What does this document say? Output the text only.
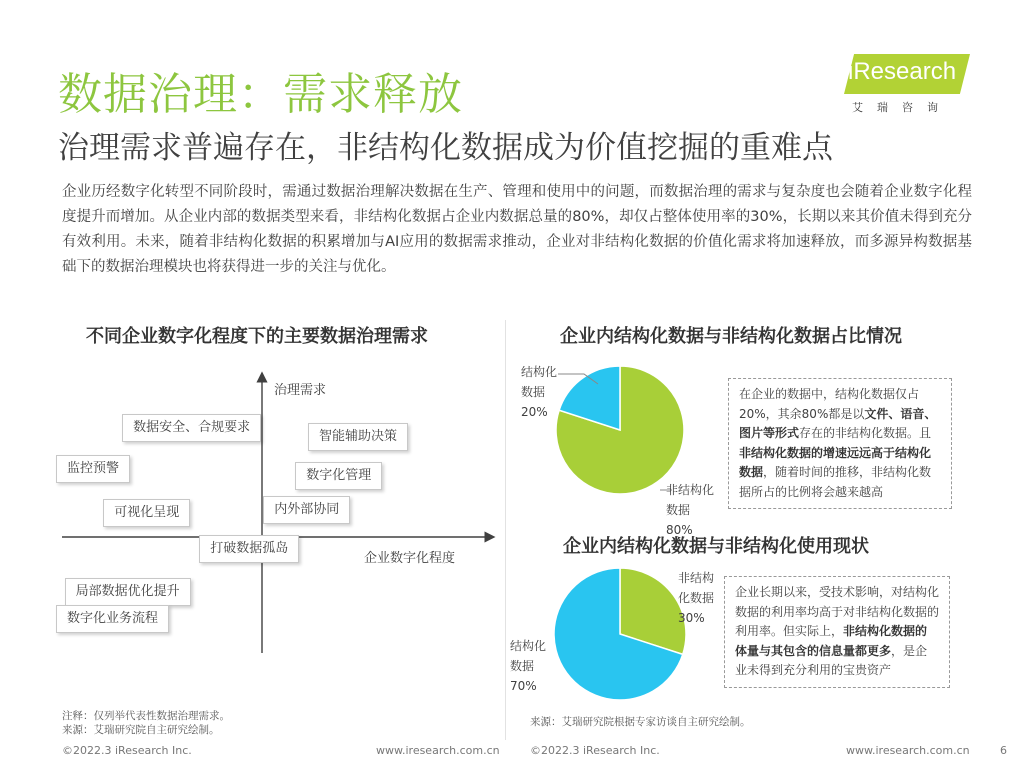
数据治理：需求释放
治理需求普遍存在，非结构化数据成为价值挖掘的重难点
iResearch
艾瑞咨询
企业历经数字化转型不同阶段时，需通过数据治理解决数据在生产、管理和使用中的问题，而数据治理的需求与复杂度也会随着企业数字化程度提升而增加。从企业内部的数据类型来看，非结构化数据占企业内数据总量的80%，却仅占整体使用率的30%，长期以来其价值未得到充分有效利用。未来，随着非结构化数据的积累增加与AI应用的数据需求推动，企业对非结构化数据的价值化需求将加速释放，而多源异构数据基础下的数据治理模块也将获得进一步的关注与优化。
不同企业数字化程度下的主要数据治理需求
治理需求
企业数字化程度
数据安全、合规要求
智能辅助决策
监控预警
数字化管理
内外部协同
可视化呈现
打破数据孤岛
局部数据优化提升
数字化业务流程
注释：仅列举代表性数据治理需求。
来源：艾瑞研究院自主研究绘制。
©2022.3 iResearch Inc.	www.iresearch.com.cn
企业内结构化数据与非结构化数据占比情况
企业内结构化数据与非结构化使用现状
结构化数据
20%
非结构化数据
80%
非结构化数据
30%
结构化数据
70%
在企业的数据中，结构化数据仅占20%，其余80%都是以文件、语音、图片等形式存在的非结构化数据。且非结构化数据的增速远远高于结构化数据，随着时间的推移，非结构化数据所占的比例将会越来越高
企业长期以来，受技术影响，对结构化数据的利用率均高于对非结构化数据的利用率。但实际上，非结构化数据的体量与其包含的信息量都更多，是企业未得到充分利用的宝贵资产
来源：艾瑞研究院根据专家访谈自主研究绘制。
©2022.3 iResearch Inc.	www.iresearch.com.cn	6
